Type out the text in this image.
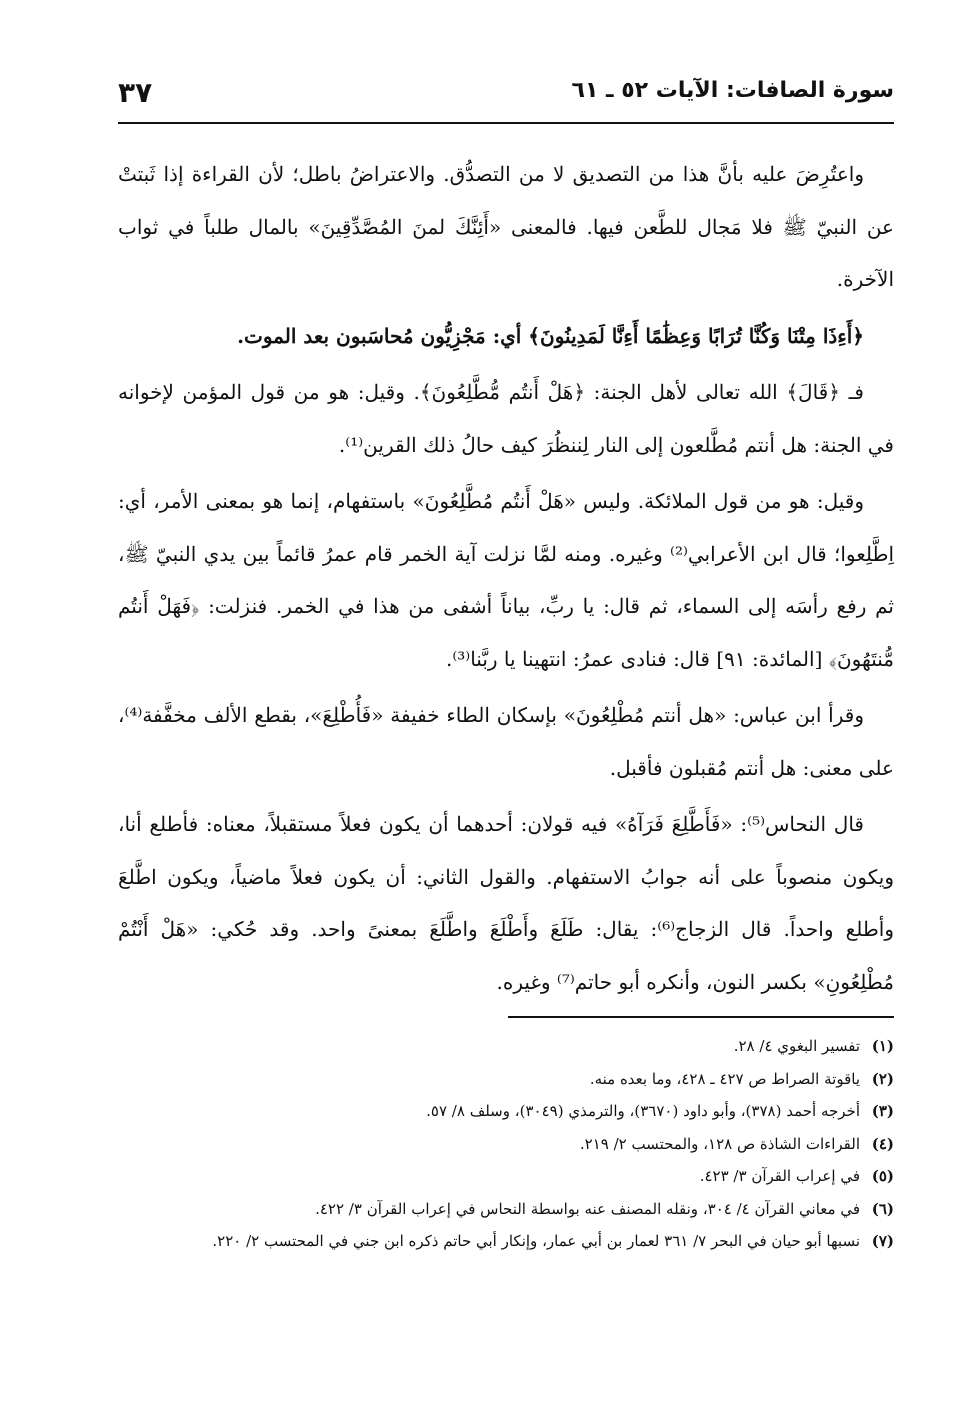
سورة الصافات: الآيات ٥٢ ـ ٦١
٣٧

واعتُرِضَ عليه بأنَّ هذا من التصديق لا من التصدُّق. والاعتراضُ باطل؛ لأن القراءة إذا ثَبتتْ عن النبيّ ﷺ فلا مَجال للطَّعن فيها. فالمعنى «أَئِنَّكَ لمنَ المُصَّدِّقِينَ» بالمال طلباً في ثواب الآخرة.

﴿أَءِذَا مِتْنَا وَكُنَّا تُرَابًا وَعِظَٰمًا أَءِنَّا لَمَدِينُونَ﴾ أي: مَجْزِيُّون مُحاسَبون بعد الموت.

فـ ﴿قَالَ﴾ الله تعالى لأهل الجنة: ﴿هَلْ أَنتُم مُّطَّلِعُونَ﴾. وقيل: هو من قول المؤمن لإخوانه في الجنة: هل أنتم مُطَّلعون إلى النار لِننظُرَ كيف حالُ ذلك القرين⁽¹⁾.

وقيل: هو من قول الملائكة. وليس «هَلْ أَنتُم مُطَّلِعُونَ» باستفهام، إنما هو بمعنى الأمر، أي: اِطَّلِعوا؛ قال ابن الأعرابي⁽²⁾ وغيره. ومنه لمَّا نزلت آية الخمر قام عمرُ قائماً بين يدي النبيّ ﷺ، ثم رفع رأسَه إلى السماء، ثم قال: يا ربِّ، بياناً أشفى من هذا في الخمر. فنزلت: ﴿فَهَلْ أَنتُم مُّنتَهُونَ﴾ [المائدة: ٩١] قال: فنادى عمرُ: انتهينا يا ربَّنا⁽³⁾.

وقرأ ابن عباس: «هل أنتم مُطْلِعُونَ» بإسكان الطاء خفيفة «فَأُطْلِعَ»، بقطع الألف مخفَّفة⁽⁴⁾، على معنى: هل أنتم مُقبلون فأقبل.

قال النحاس⁽⁵⁾: «فَأَطَّلِعَ فَرَآهُ» فيه قولان: أحدهما أن يكون فعلاً مستقبلاً، معناه: فأطلع أنا، ويكون منصوباً على أنه جوابُ الاستفهام. والقول الثاني: أن يكون فعلاً ماضياً، ويكون اطَّلعَ وأطلع واحداً. قال الزجاج⁽⁶⁾: يقال: طَلَعَ وأَطْلَعَ واطَّلَعَ بمعنىً واحد. وقد حُكي: «هَلْ أَنْتُمْ مُطْلِعُونِ» بكسر النون، وأنكره أبو حاتم⁽⁷⁾ وغيره.

(١)
تفسير البغوي ٤/ ٢٨.
(٢)
ياقوتة الصراط ص ٤٢٧ ـ ٤٢٨، وما بعده منه.
(٣)
أخرجه أحمد (٣٧٨)، وأبو داود (٣٦٧٠)، والترمذي (٣٠٤٩)، وسلف ٨/ ٥٧.
(٤)
القراءات الشاذة ص ١٢٨، والمحتسب ٢/ ٢١٩.
(٥)
في إعراب القرآن ٣/ ٤٢٣.
(٦)
في معاني القرآن ٤/ ٣٠٤، ونقله المصنف عنه بواسطة النحاس في إعراب القرآن ٣/ ٤٢٢.
(٧)
نسبها أبو حيان في البحر ٧/ ٣٦١ لعمار بن أبي عمار، وإنكار أبي حاتم ذكره ابن جني في المحتسب ٢/ ٢٢٠.
